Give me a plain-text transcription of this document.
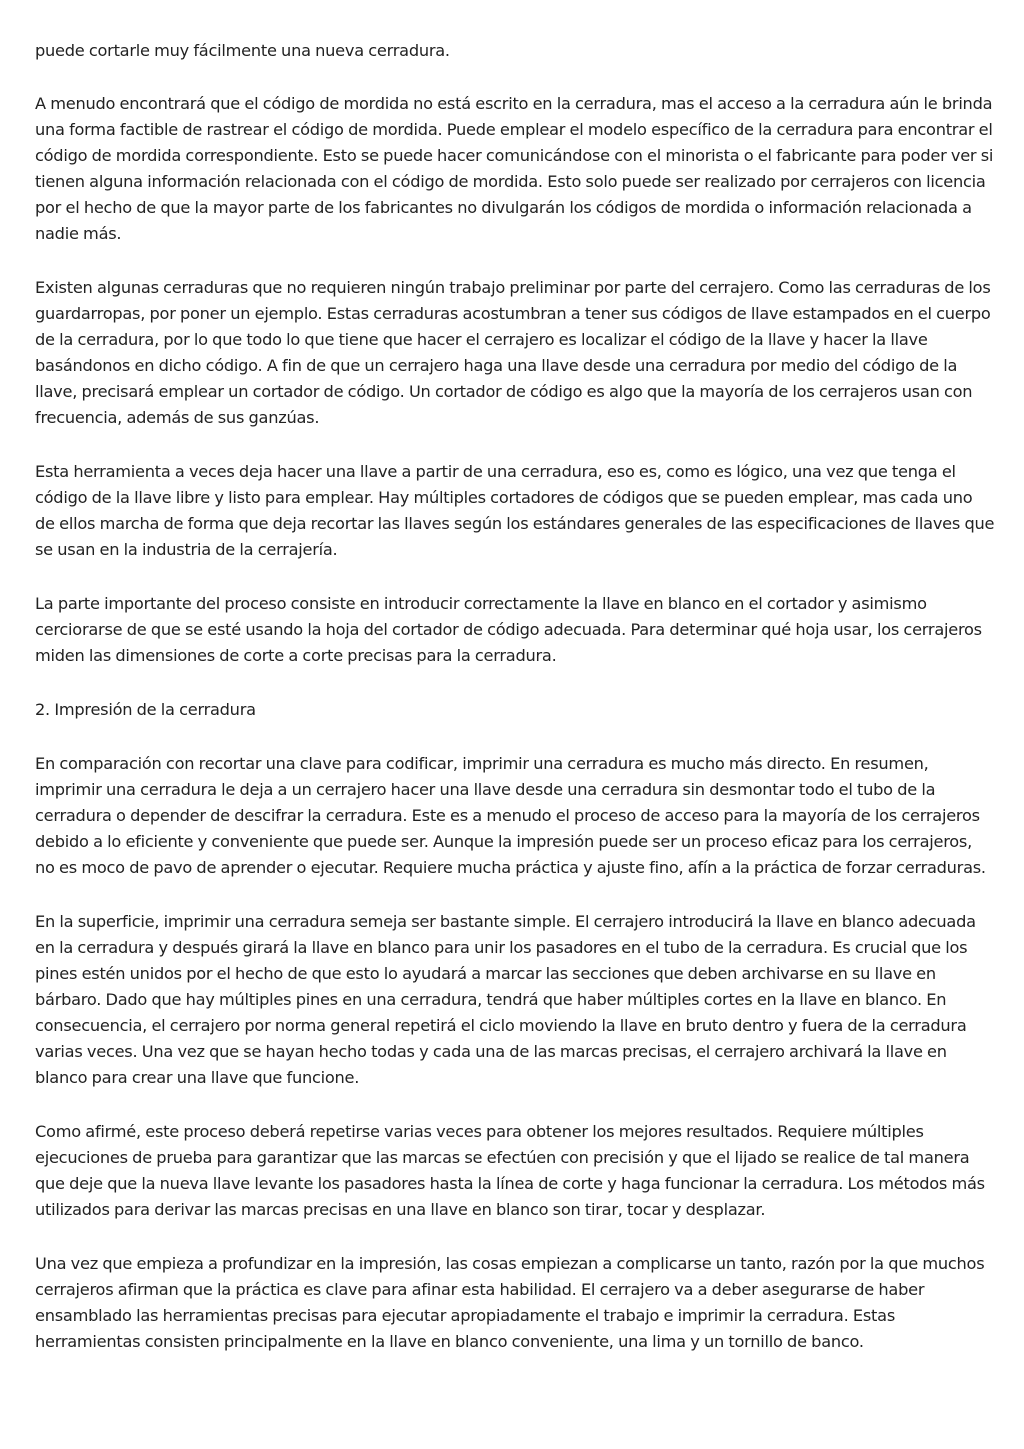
puede cortarle muy fácilmente una nueva cerradura.

A menudo encontrará que el código de mordida no está escrito en la cerradura, mas el acceso a la cerradura aún le brinda una forma factible de rastrear el código de mordida. Puede emplear el modelo específico de la cerradura para encontrar el código de mordida correspondiente. Esto se puede hacer comunicándose con el minorista o el fabricante para poder ver si tienen alguna información relacionada con el código de mordida. Esto solo puede ser realizado por cerrajeros con licencia por el hecho de que la mayor parte de los fabricantes no divulgarán los códigos de mordida o información relacionada a nadie más.

Existen algunas cerraduras que no requieren ningún trabajo preliminar por parte del cerrajero. Como las cerraduras de los guardarropas, por poner un ejemplo. Estas cerraduras acostumbran a tener sus códigos de llave estampados en el cuerpo de la cerradura, por lo que todo lo que tiene que hacer el cerrajero es localizar el código de la llave y hacer la llave basándonos en dicho código. A fin de que un cerrajero haga una llave desde una cerradura por medio del código de la llave, precisará emplear un cortador de código. Un cortador de código es algo que la mayoría de los cerrajeros usan con frecuencia, además de sus ganzúas.

Esta herramienta a veces deja hacer una llave a partir de una cerradura, eso es, como es lógico, una vez que tenga el código de la llave libre y listo para emplear. Hay múltiples cortadores de códigos que se pueden emplear, mas cada uno de ellos marcha de forma que deja recortar las llaves según los estándares generales de las especificaciones de llaves que se usan en la industria de la cerrajería.

La parte importante del proceso consiste en introducir correctamente la llave en blanco en el cortador y asimismo cerciorarse de que se esté usando la hoja del cortador de código adecuada. Para determinar qué hoja usar, los cerrajeros miden las dimensiones de corte a corte precisas para la cerradura.

2. Impresión de la cerradura

En comparación con recortar una clave para codificar, imprimir una cerradura es mucho más directo. En resumen, imprimir una cerradura le deja a un cerrajero hacer una llave desde una cerradura sin desmontar todo el tubo de la cerradura o depender de descifrar la cerradura. Este es a menudo el proceso de acceso para la mayoría de los cerrajeros debido a lo eficiente y conveniente que puede ser. Aunque la impresión puede ser un proceso eficaz para los cerrajeros, no es moco de pavo de aprender o ejecutar. Requiere mucha práctica y ajuste fino, afín a la práctica de forzar cerraduras.

En la superficie, imprimir una cerradura semeja ser bastante simple. El cerrajero introducirá la llave en blanco adecuada en la cerradura y después girará la llave en blanco para unir los pasadores en el tubo de la cerradura. Es crucial que los pines estén unidos por el hecho de que esto lo ayudará a marcar las secciones que deben archivarse en su llave en bárbaro. Dado que hay múltiples pines en una cerradura, tendrá que haber múltiples cortes en la llave en blanco. En consecuencia, el cerrajero por norma general repetirá el ciclo moviendo la llave en bruto dentro y fuera de la cerradura varias veces. Una vez que se hayan hecho todas y cada una de las marcas precisas, el cerrajero archivará la llave en blanco para crear una llave que funcione.

Como afirmé, este proceso deberá repetirse varias veces para obtener los mejores resultados. Requiere múltiples ejecuciones de prueba para garantizar que las marcas se efectúen con precisión y que el lijado se realice de tal manera que deje que la nueva llave levante los pasadores hasta la línea de corte y haga funcionar la cerradura. Los métodos más utilizados para derivar las marcas precisas en una llave en blanco son tirar, tocar y desplazar.

Una vez que empieza a profundizar en la impresión, las cosas empiezan a complicarse un tanto, razón por la que muchos cerrajeros afirman que la práctica es clave para afinar esta habilidad. El cerrajero va a deber asegurarse de haber ensamblado las herramientas precisas para ejecutar apropiadamente el trabajo e imprimir la cerradura. Estas herramientas consisten principalmente en la llave en blanco conveniente, una lima y un tornillo de banco.
